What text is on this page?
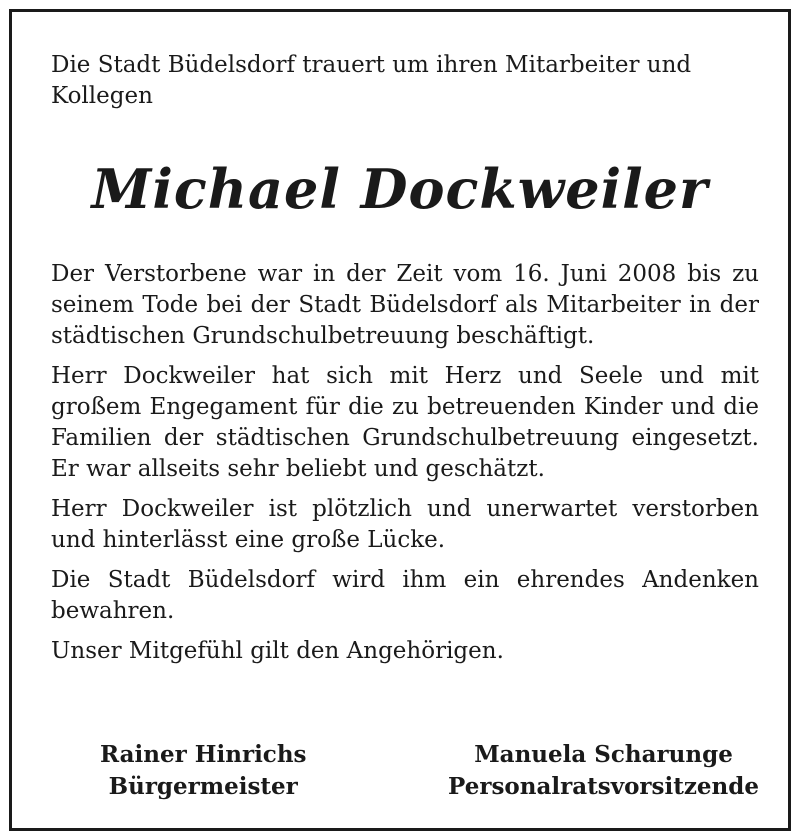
Die Stadt Büdelsdorf trauert um ihren Mitarbeiter und Kollegen

Michael Dockweiler

Der Verstorbene war in der Zeit vom 16. Juni 2008 bis zu seinem Tode bei der Stadt Büdelsdorf als Mitarbeiter in der städtischen Grundschulbetreuung beschäftigt.

Herr Dockweiler hat sich mit Herz und Seele und mit großem Engegament für die zu betreuenden Kinder und die Familien der städtischen Grundschulbetreuung eingesetzt. Er war allseits sehr beliebt und geschätzt.

Herr Dockweiler ist plötzlich und unerwartet verstorben und hinterlässt eine große Lücke.

Die Stadt Büdelsdorf wird ihm ein ehrendes Andenken bewahren.

Unser Mitgefühl gilt den Angehörigen.

Rainer Hinrichs
Bürgermeister
Manuela Scharunge
Personalratsvorsitzende
